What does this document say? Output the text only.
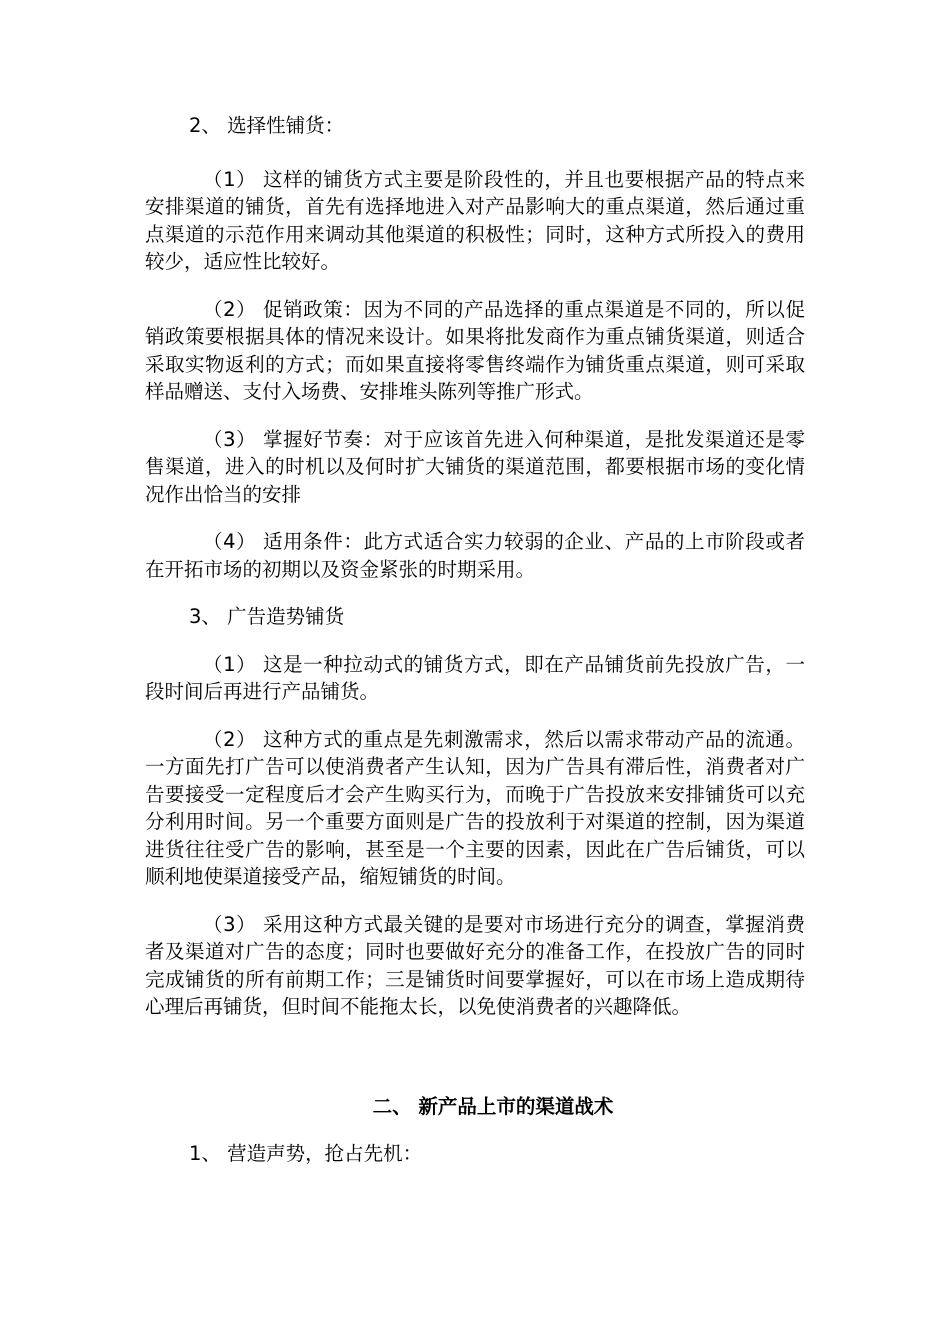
2、 选择性铺货：

（1） 这样的铺货方式主要是阶段性的，并且也要根据产品的特点来安排渠道的铺货，首先有选择地进入对产品影响大的重点渠道，然后通过重点渠道的示范作用来调动其他渠道的积极性；同时，这种方式所投入的费用较少，适应性比较好。

（2） 促销政策：因为不同的产品选择的重点渠道是不同的，所以促销政策要根据具体的情况来设计。如果将批发商作为重点铺货渠道，则适合采取实物返利的方式；而如果直接将零售终端作为铺货重点渠道，则可采取样品赠送、支付入场费、安排堆头陈列等推广形式。

（3） 掌握好节奏：对于应该首先进入何种渠道，是批发渠道还是零售渠道，进入的时机以及何时扩大铺货的渠道范围，都要根据市场的变化情况作出恰当的安排

（4） 适用条件：此方式适合实力较弱的企业、产品的上市阶段或者在开拓市场的初期以及资金紧张的时期采用。

3、 广告造势铺货

（1） 这是一种拉动式的铺货方式，即在产品铺货前先投放广告，一段时间后再进行产品铺货。

（2） 这种方式的重点是先刺激需求，然后以需求带动产品的流通。一方面先打广告可以使消费者产生认知，因为广告具有滞后性，消费者对广告要接受一定程度后才会产生购买行为，而晚于广告投放来安排铺货可以充分利用时间。另一个重要方面则是广告的投放利于对渠道的控制，因为渠道进货往往受广告的影响，甚至是一个主要的因素，因此在广告后铺货，可以顺利地使渠道接受产品，缩短铺货的时间。

（3） 采用这种方式最关键的是要对市场进行充分的调查，掌握消费者及渠道对广告的态度；同时也要做好充分的准备工作，在投放广告的同时完成铺货的所有前期工作；三是铺货时间要掌握好，可以在市场上造成期待心理后再铺货，但时间不能拖太长，以免使消费者的兴趣降低。

二、 新产品上市的渠道战术

1、 营造声势，抢占先机：
